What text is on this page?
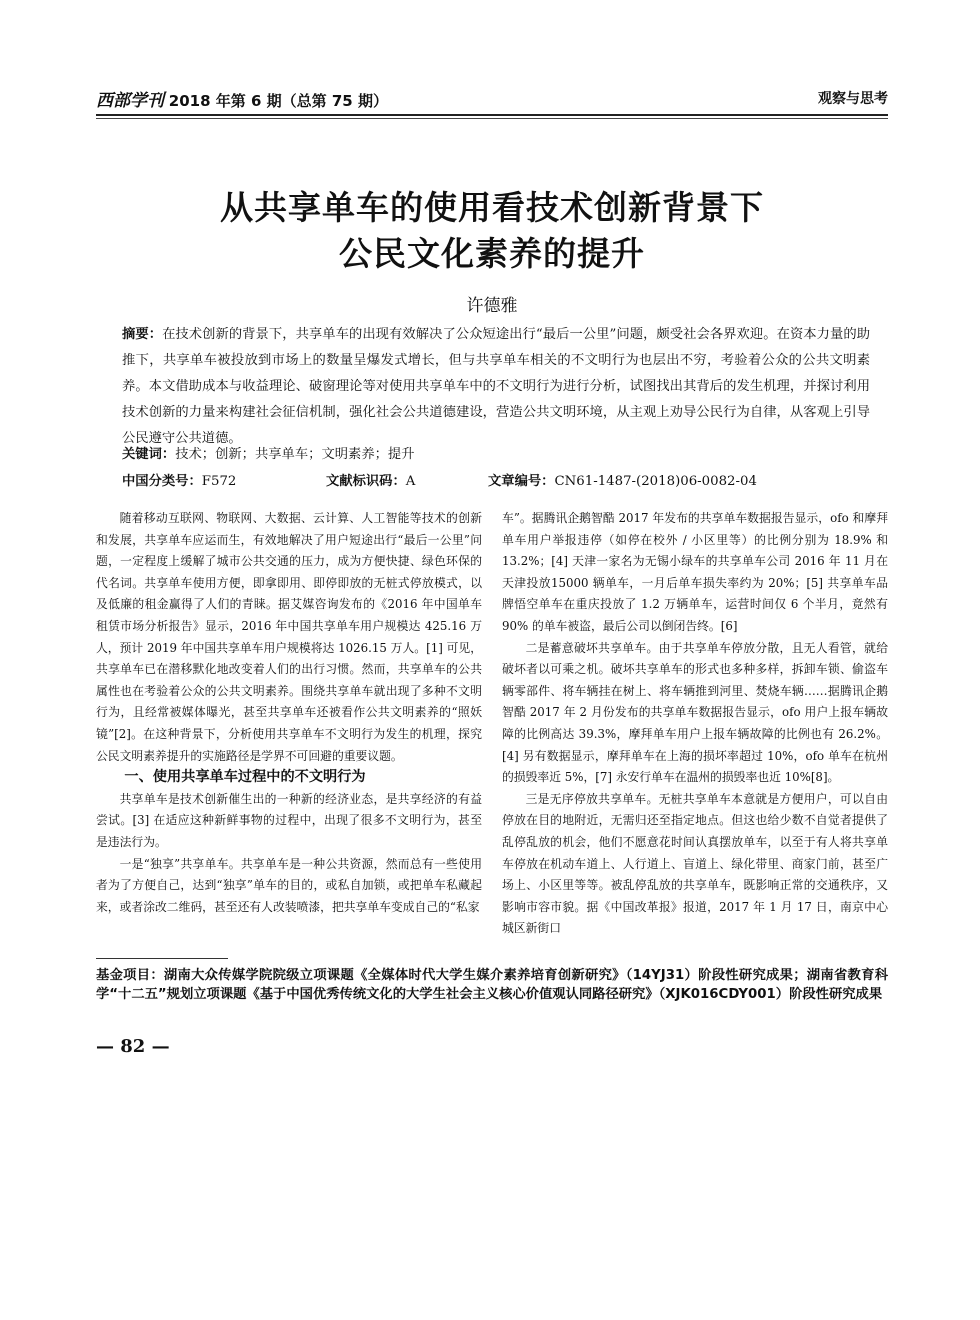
西部学刊 2018 年第 6 期（总第 75 期）	观察与思考
从共享单车的使用看技术创新背景下
公民文化素养的提升
许德雅
摘要：在技术创新的背景下，共享单车的出现有效解决了公众短途出行“最后一公里”问题，颇受社会各界欢迎。在资本力量的助推下，共享单车被投放到市场上的数量呈爆发式增长，但与共享单车相关的不文明行为也层出不穷，考验着公众的公共文明素养。本文借助成本与收益理论、破窗理论等对使用共享单车中的不文明行为进行分析，试图找出其背后的发生机理，并探讨利用技术创新的力量来构建社会征信机制，强化社会公共道德建设，营造公共文明环境，从主观上劝导公民行为自律，从客观上引导公民遵守公共道德。
关键词：技术；创新；共享单车；文明素养；提升
中国分类号：F572	文献标识码：A	文章编号：CN61-1487-(2018)06-0082-04

随着移动互联网、物联网、大数据、云计算、人工智能等技术的创新和发展，共享单车应运而生，有效地解决了用户短途出行“最后一公里”问题，一定程度上缓解了城市公共交通的压力，成为方便快捷、绿色环保的代名词。共享单车使用方便，即拿即用、即停即放的无桩式停放模式，以及低廉的租金赢得了人们的青睐。据艾媒咨询发布的《2016 年中国单车租赁市场分析报告》显示，2016 年中国共享单车用户规模达 425.16 万人，预计 2019 年中国共享单车用户规模将达 1026.15 万人。[1] 可见，共享单车已在潜移默化地改变着人们的出行习惯。然而，共享单车的公共属性也在考验着公众的公共文明素养。围绕共享单车就出现了多种不文明行为，且经常被媒体曝光，甚至共享单车还被看作公共文明素养的“照妖镜”[2]。在这种背景下，分析使用共享单车不文明行为发生的机理，探究公民文明素养提升的实施路径是学界不可回避的重要议题。

一、使用共享单车过程中的不文明行为

共享单车是技术创新催生出的一种新的经济业态，是共享经济的有益尝试。[3] 在适应这种新鲜事物的过程中，出现了很多不文明行为，甚至是违法行为。

一是“独享”共享单车。共享单车是一种公共资源，然而总有一些使用者为了方便自己，达到“独享”单车的目的，或私自加锁，或把单车私藏起来，或者涂改二维码，甚至还有人改装喷漆，把共享单车变成自己的“私家

车”。据腾讯企鹅智酷 2017 年发布的共享单车数据报告显示，ofo 和摩拜单车用户举报违停（如停在校外 / 小区里等）的比例分别为 18.9% 和 13.2%；[4] 天津一家名为无锡小绿车的共享单车公司 2016 年 11 月在天津投放15000 辆单车，一月后单车损失率约为 20%；[5] 共享单车品牌悟空单车在重庆投放了 1.2 万辆单车，运营时间仅 6 个半月，竟然有 90% 的单车被盗，最后公司以倒闭告终。[6]

二是蓄意破坏共享单车。由于共享单车停放分散，且无人看管，就给破坏者以可乘之机。破坏共享单车的形式也多种多样，拆卸车锁、偷盗车辆零部件、将车辆挂在树上、将车辆推到河里、焚烧车辆……据腾讯企鹅智酷 2017 年 2 月份发布的共享单车数据报告显示，ofo 用户上报车辆故障的比例高达 39.3%，摩拜单车用户上报车辆故障的比例也有 26.2%。[4] 另有数据显示，摩拜单车在上海的损坏率超过 10%，ofo 单车在杭州的损毁率近 5%，[7] 永安行单车在温州的损毁率也近 10%[8]。

三是无序停放共享单车。无桩共享单车本意就是方便用户，可以自由停放在目的地附近，无需归还至指定地点。但这也给少数不自觉者提供了乱停乱放的机会，他们不愿意花时间认真摆放单车，以至于有人将共享单车停放在机动车道上、人行道上、盲道上、绿化带里、商家门前，甚至广场上、小区里等等。被乱停乱放的共享单车，既影响正常的交通秩序，又影响市容市貌。据《中国改革报》报道，2017 年 1 月 17 日，南京中心城区新街口

基金项目：湖南大众传媒学院院级立项课题《全媒体时代大学生媒介素养培育创新研究》（14YJ31）阶段性研究成果；湖南省教育科学“十二五”规划立项课题《基于中国优秀传统文化的大学生社会主义核心价值观认同路径研究》（XJK016CDY001）阶段性研究成果
— 82 —
